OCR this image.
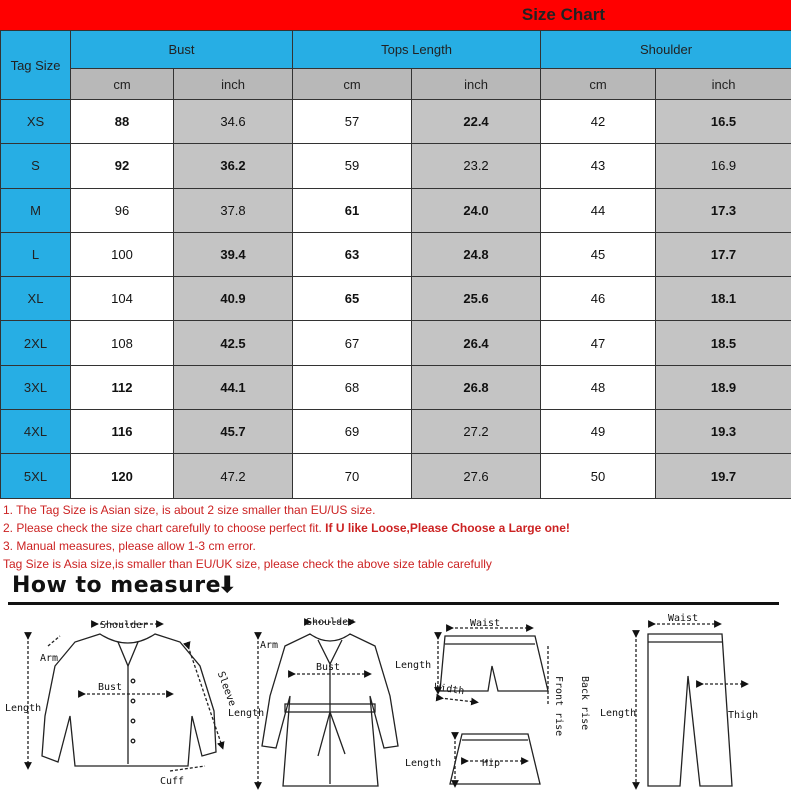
Size Chart
Tag Size	Bust		Tops Length		Shoulder	
	cm	inch	cm	inch	cm	inch
XS	88	34.6	57	22.4	42	16.5
S	92	36.2	59	23.2	43	16.9
M	96	37.8	61	24.0	44	17.3
L	100	39.4	63	24.8	45	17.7
XL	104	40.9	65	25.6	46	18.1
2XL	108	42.5	67	26.4	47	18.5
3XL	112	44.1	68	26.8	48	18.9
4XL	116	45.7	69	27.2	49	19.3
5XL	120	47.2	70	27.6	50	19.7
1. The Tag Size is Asian size, is about 2 size smaller than EU/US size.
2. Please check the size chart carefully to choose perfect fit. If U like Loose,Please Choose a Large one!
3. Manual measures, please allow 1-3 cm error.
Tag Size is Asia size,is smaller than EU/UK size, please check the above size table carefully
How to measure
⬇
Shoulder
Arm
Length
Bust	Sleeve
Cuff
Shoulder
Arm
Length
Bust
Waist
Length
Width	Front rise Back rise
Length	Hip
Waist
Length	Thigh
